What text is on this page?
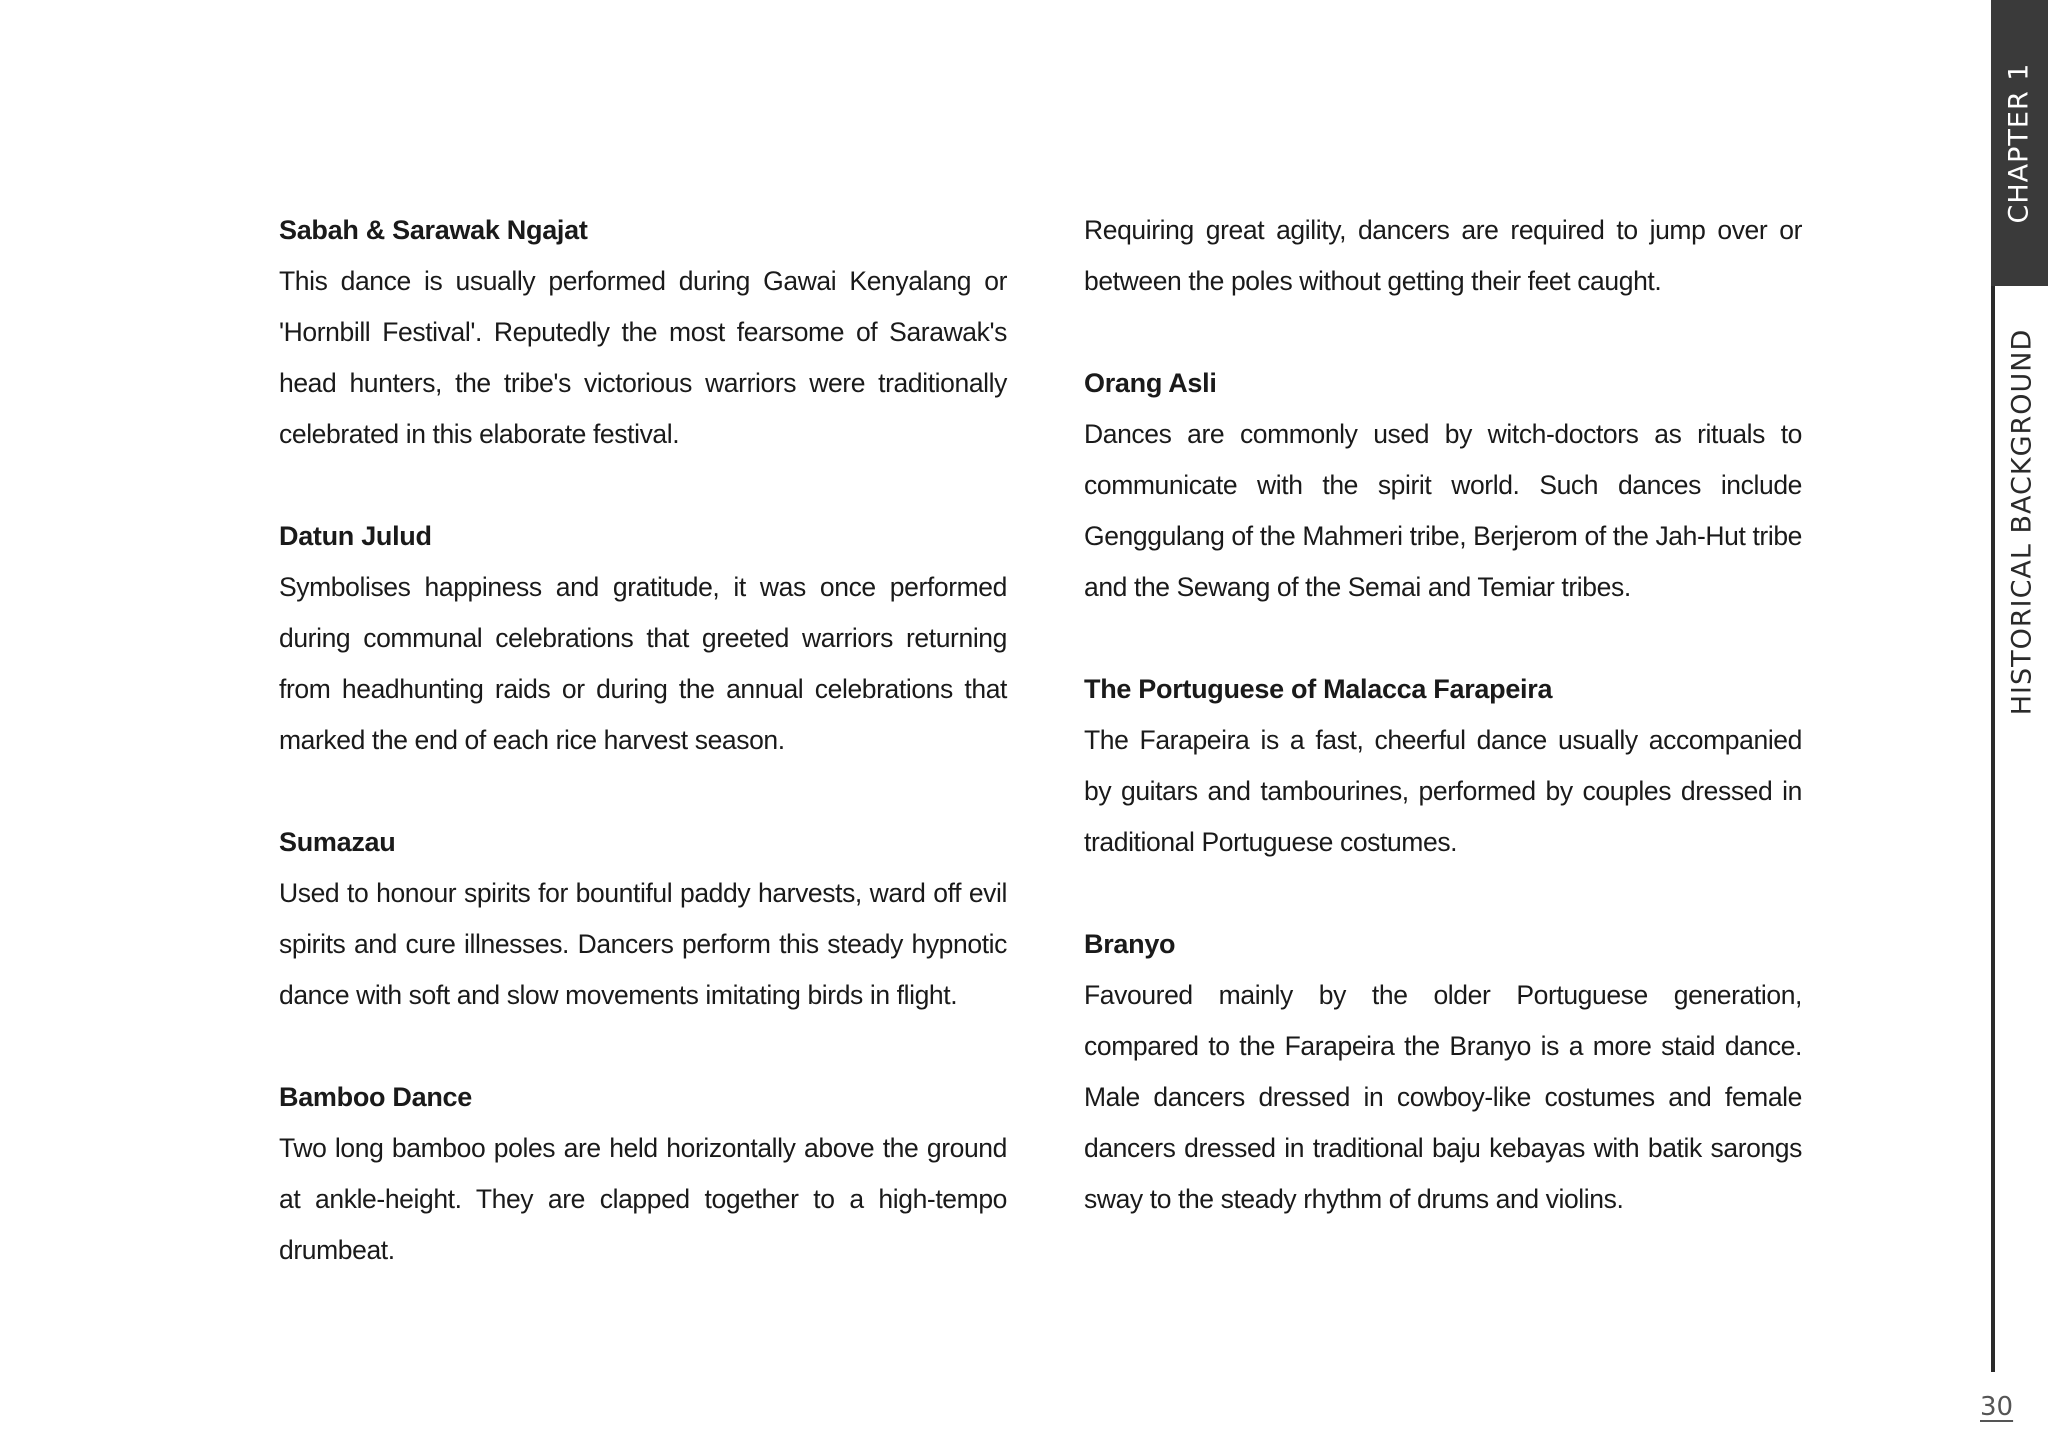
Sabah & Sarawak Ngajat

This dance is usually performed during Gawai Kenyalang or 'Hornbill Festival'. Reputedly the most fearsome of Sarawak's head hunters, the tribe's victorious warriors were traditionally celebrated in this elaborate festival.

Datun Julud

Symbolises happiness and gratitude, it was once performed during communal celebrations that greeted warriors returning from headhunting raids or during the annual celebrations that marked the end of each rice harvest season.

Sumazau

Used to honour spirits for bountiful paddy harvests, ward off evil spirits and cure illnesses. Dancers perform this steady hypnotic dance with soft and slow movements imitating birds in flight.

Bamboo Dance

Two long bamboo poles are held horizontally above the ground at ankle-height. They are clapped together to a high-tempo drumbeat.

Requiring great agility, dancers are required to jump over or between the poles without getting their feet caught.

Orang Asli

Dances are commonly used by witch-doctors as rituals to communicate with the spirit world. Such dances include Genggulang of the Mahmeri tribe, Berjerom of the Jah-Hut tribe and the Sewang of the Semai and Temiar tribes.

The Portuguese of Malacca Farapeira

The Farapeira is a fast, cheerful dance usually accompanied by guitars and tambourines, performed by couples dressed in traditional Portuguese costumes.

Branyo

Favoured mainly by the older Portuguese generation, compared to the Farapeira the Branyo is a more staid dance. Male dancers dressed in cowboy-like costumes and female dancers dressed in traditional baju kebayas with batik sarongs sway to the steady rhythm of drums and violins.

CHAPTER 1
HISTORICAL BACKGROUND
30
